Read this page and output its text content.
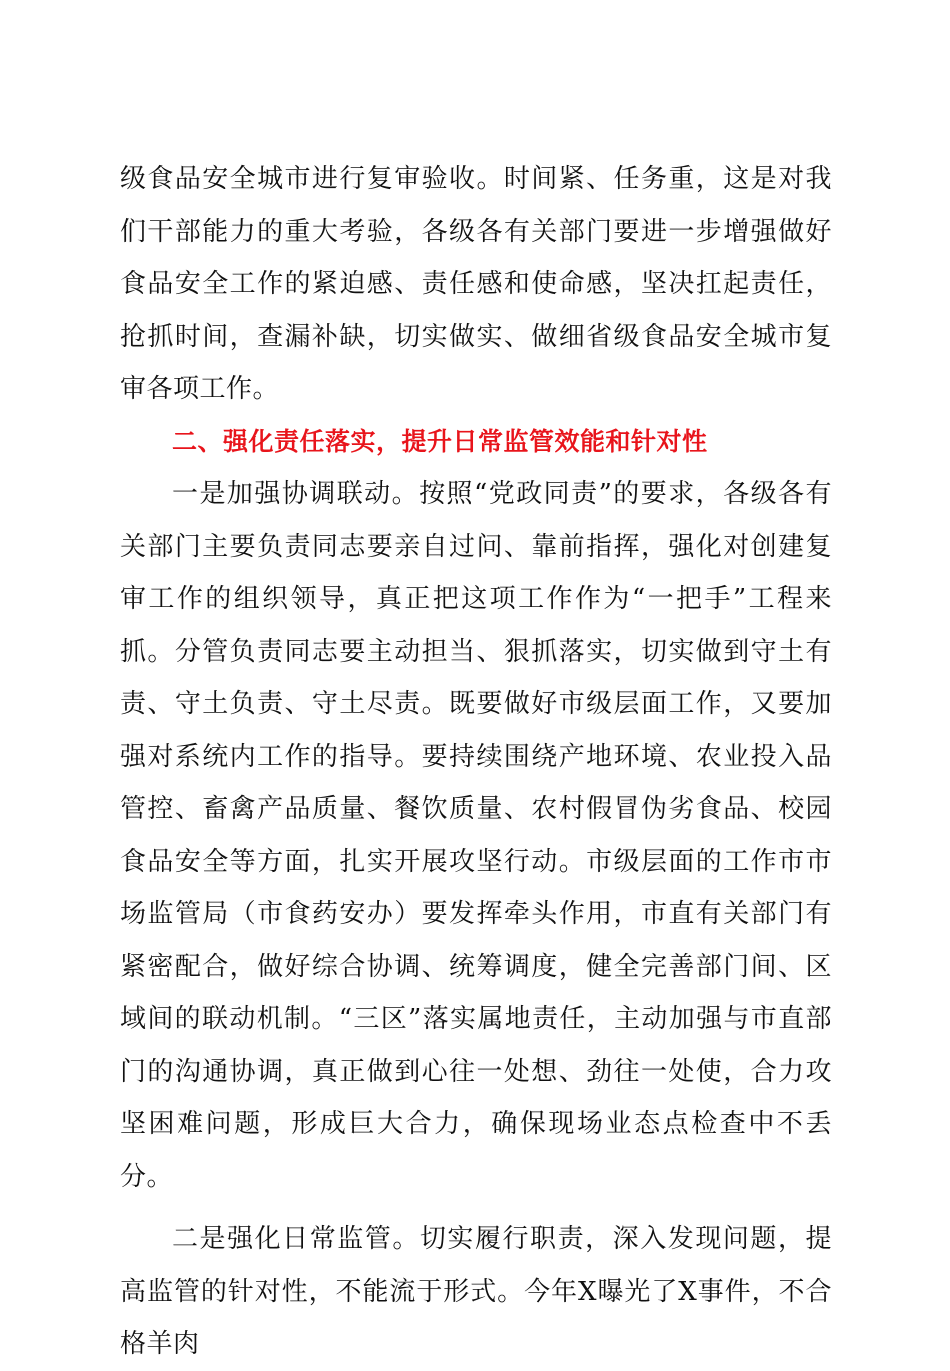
级食品安全城市进行复审验收。时间紧、任务重，这是对我们干部能力的重大考验，各级各有关部门要进一步增强做好食品安全工作的紧迫感、责任感和使命感，坚决扛起责任，抢抓时间，查漏补缺，切实做实、做细省级食品安全城市复审各项工作。

二、强化责任落实，提升日常监管效能和针对性

一是加强协调联动。按照“党政同责”的要求，各级各有关部门主要负责同志要亲自过问、靠前指挥，强化对创建复审工作的组织领导，真正把这项工作作为“一把手”工程来抓。分管负责同志要主动担当、狠抓落实，切实做到守土有责、守土负责、守土尽责。既要做好市级层面工作，又要加强对系统内工作的指导。要持续围绕产地环境、农业投入品管控、畜禽产品质量、餐饮质量、农村假冒伪劣食品、校园食品安全等方面，扎实开展攻坚行动。市级层面的工作市市场监管局（市食药安办）要发挥牵头作用，市直有关部门有紧密配合，做好综合协调、统筹调度，健全完善部门间、区域间的联动机制。“三区”落实属地责任，主动加强与市直部门的沟通协调，真正做到心往一处想、劲往一处使，合力攻坚困难问题，形成巨大合力，确保现场业态点检查中不丢分。

二是强化日常监管。切实履行职责，深入发现问题，提高监管的针对性，不能流于形式。今年X曝光了X事件，不合格羊肉
